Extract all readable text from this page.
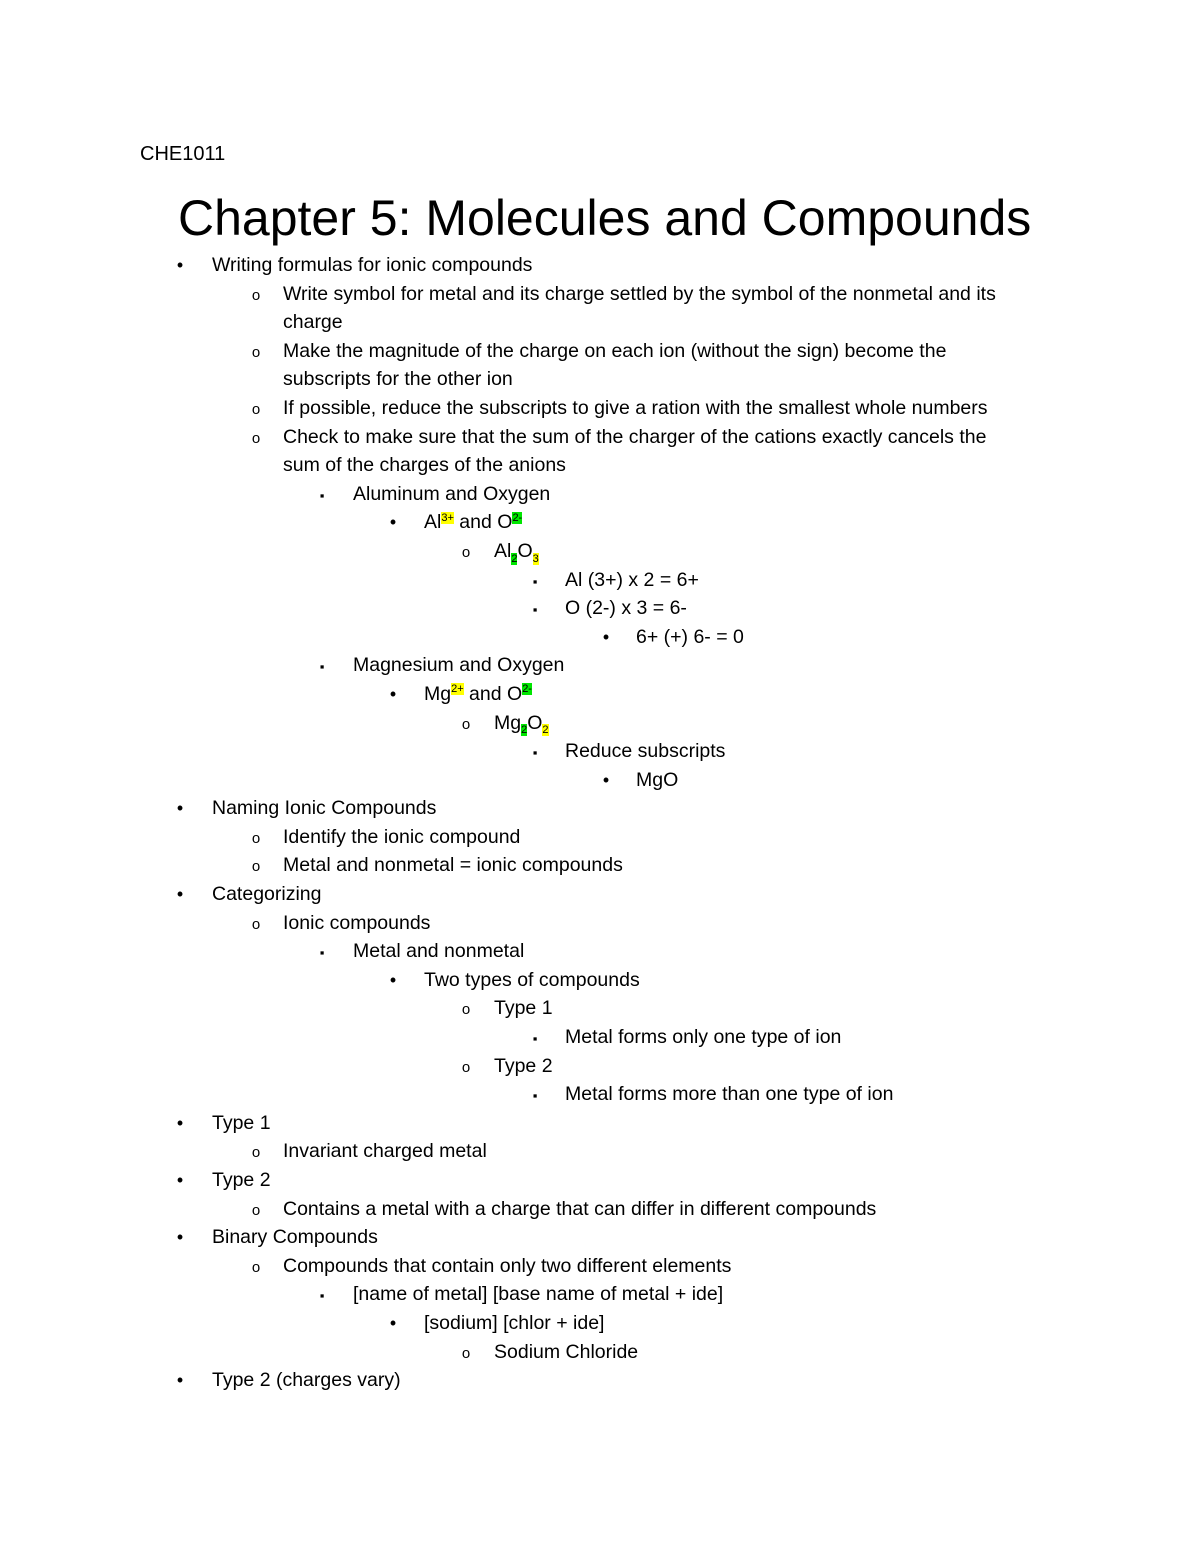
CHE1011
Chapter 5: Molecules and Compounds
•
Writing formulas for ionic compounds
o
Write symbol for metal and its charge settled by the symbol of the nonmetal and its
charge
o
Make the magnitude of the charge on each ion (without the sign) become the
subscripts for the other ion
o
If possible, reduce the subscripts to give a ration with the smallest whole numbers
o
Check to make sure that the sum of the charger of the cations exactly cancels the
sum of the charges of the anions
▪
Aluminum and Oxygen
•
$Al^{3+}$ and $O^{2-}$
o
$Al_2O_3$
▪
Al (3+) x 2 = 6+
▪
O (2-) x 3 = 6-
•
6+ (+) 6- = 0
▪
Magnesium and Oxygen
•
$Mg^{2+}$ and $O^{2-}$
o
$Mg_2O_2$
▪
Reduce subscripts
•
MgO
•
Naming Ionic Compounds
o
Identify the ionic compound
o
Metal and nonmetal = ionic compounds
•
Categorizing
o
Ionic compounds
▪
Metal and nonmetal
•
Two types of compounds
o
Type 1
▪
Metal forms only one type of ion
o
Type 2
▪
Metal forms more than one type of ion
•
Type 1
o
Invariant charged metal
•
Type 2
o
Contains a metal with a charge that can differ in different compounds
•
Binary Compounds
o
Compounds that contain only two different elements
▪
[name of metal] [base name of metal + ide]
•
[sodium] [chlor + ide]
o
Sodium Chloride
•
Type 2 (charges vary)
